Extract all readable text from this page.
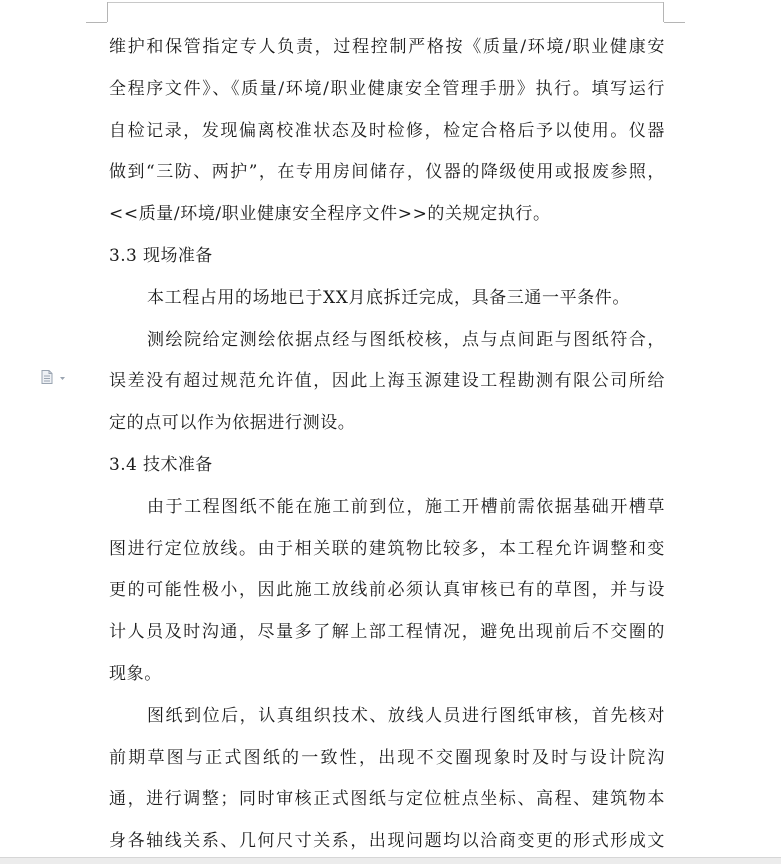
维护和保管指定专人负责，过程控制严格按《质量/环境/职业健康安
全程序文件》、《质量/环境/职业健康安全管理手册》执行。填写运行
自检记录，发现偏离校准状态及时检修，检定合格后予以使用。仪器
做到“三防、两护”，在专用房间储存，仪器的降级使用或报废参照，
<<质量/环境/职业健康安全程序文件>>的关规定执行。
3.3 现场准备
本工程占用的场地已于XX月底拆迁完成，具备三通一平条件。
测绘院给定测绘依据点经与图纸校核，点与点间距与图纸符合，
误差没有超过规范允许值，因此上海玉源建设工程勘测有限公司所给
定的点可以作为依据进行测设。
3.4 技术准备
由于工程图纸不能在施工前到位，施工开槽前需依据基础开槽草
图进行定位放线。由于相关联的建筑物比较多，本工程允许调整和变
更的可能性极小，因此施工放线前必须认真审核已有的草图，并与设
计人员及时沟通，尽量多了解上部工程情况，避免出现前后不交圈的
现象。
图纸到位后，认真组织技术、放线人员进行图纸审核，首先核对
前期草图与正式图纸的一致性，出现不交圈现象时及时与设计院沟
通，进行调整；同时审核正式图纸与定位桩点坐标、高程、建筑物本
身各轴线关系、几何尺寸关系，出现问题均以洽商变更的形式形成文
